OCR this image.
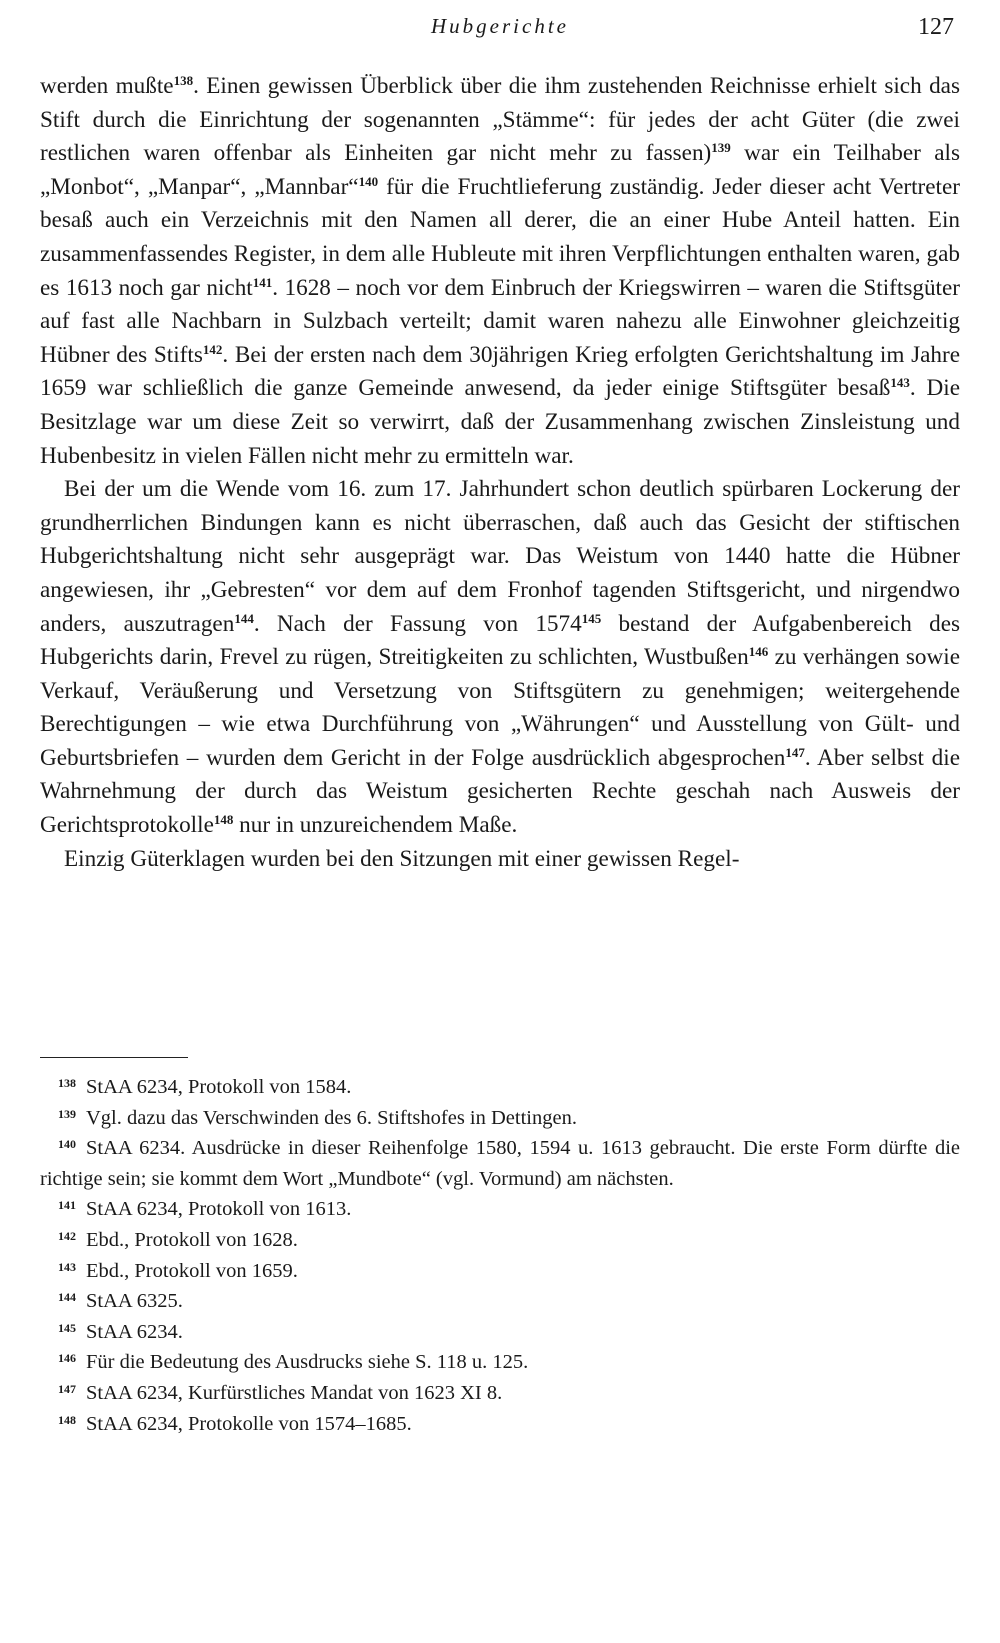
Hubgerichte	127

werden mußte$^{138}$. Einen gewissen Überblick über die ihm zustehenden Reichnisse erhielt sich das Stift durch die Einrichtung der sogenannten „Stämme“: für jedes der acht Güter (die zwei restlichen waren offenbar als Einheiten gar nicht mehr zu fassen)$^{139}$ war ein Teilhaber als „Monbot“, „Manpar“, „Mannbar“$^{140}$ für die Fruchtlieferung zuständig. Jeder dieser acht Vertreter besaß auch ein Verzeichnis mit den Namen all derer, die an einer Hube Anteil hatten. Ein zusammenfassendes Register, in dem alle Hubleute mit ihren Verpflichtungen enthalten waren, gab es 1613 noch gar nicht$^{141}$. 1628 – noch vor dem Einbruch der Kriegswirren – waren die Stiftsgüter auf fast alle Nachbarn in Sulzbach verteilt; damit waren nahezu alle Einwohner gleichzeitig Hübner des Stifts$^{142}$. Bei der ersten nach dem 30jährigen Krieg erfolgten Gerichtshaltung im Jahre 1659 war schließlich die ganze Gemeinde anwesend, da jeder einige Stiftsgüter besaß$^{143}$. Die Besitzlage war um diese Zeit so verwirrt, daß der Zusammenhang zwischen Zinsleistung und Hubenbesitz in vielen Fällen nicht mehr zu ermitteln war.

Bei der um die Wende vom 16. zum 17. Jahrhundert schon deutlich spürbaren Lockerung der grundherrlichen Bindungen kann es nicht überraschen, daß auch das Gesicht der stiftischen Hubgerichtshaltung nicht sehr ausgeprägt war. Das Weistum von 1440 hatte die Hübner angewiesen, ihr „Gebresten“ vor dem auf dem Fronhof tagenden Stiftsgericht, und nirgendwo anders, auszutragen$^{144}$. Nach der Fassung von 1574$^{145}$ bestand der Aufgabenbereich des Hubgerichts darin, Frevel zu rügen, Streitigkeiten zu schlichten, Wustbußen$^{146}$ zu verhängen sowie Verkauf, Veräußerung und Versetzung von Stiftsgütern zu genehmigen; weitergehende Berechtigungen – wie etwa Durchführung von „Währungen“ und Ausstellung von Gült- und Geburtsbriefen – wurden dem Gericht in der Folge ausdrücklich abgesprochen$^{147}$. Aber selbst die Wahrnehmung der durch das Weistum gesicherten Rechte geschah nach Ausweis der Gerichtsprotokolle$^{148}$ nur in unzureichendem Maße.

Einzig Güterklagen wurden bei den Sitzungen mit einer gewissen Regel-

$^{138}$ StAA 6234, Protokoll von 1584.

$^{139}$ Vgl. dazu das Verschwinden des 6. Stiftshofes in Dettingen.

$^{140}$ StAA 6234. Ausdrücke in dieser Reihenfolge 1580, 1594 u. 1613 gebraucht. Die erste Form dürfte die richtige sein; sie kommt dem Wort „Mundbote“ (vgl. Vormund) am nächsten.

$^{141}$ StAA 6234, Protokoll von 1613.

$^{142}$ Ebd., Protokoll von 1628.

$^{143}$ Ebd., Protokoll von 1659.

$^{144}$ StAA 6325.

$^{145}$ StAA 6234.

$^{146}$ Für die Bedeutung des Ausdrucks siehe S. 118 u. 125.

$^{147}$ StAA 6234, Kurfürstliches Mandat von 1623 XI 8.

$^{148}$ StAA 6234, Protokolle von 1574–1685.
